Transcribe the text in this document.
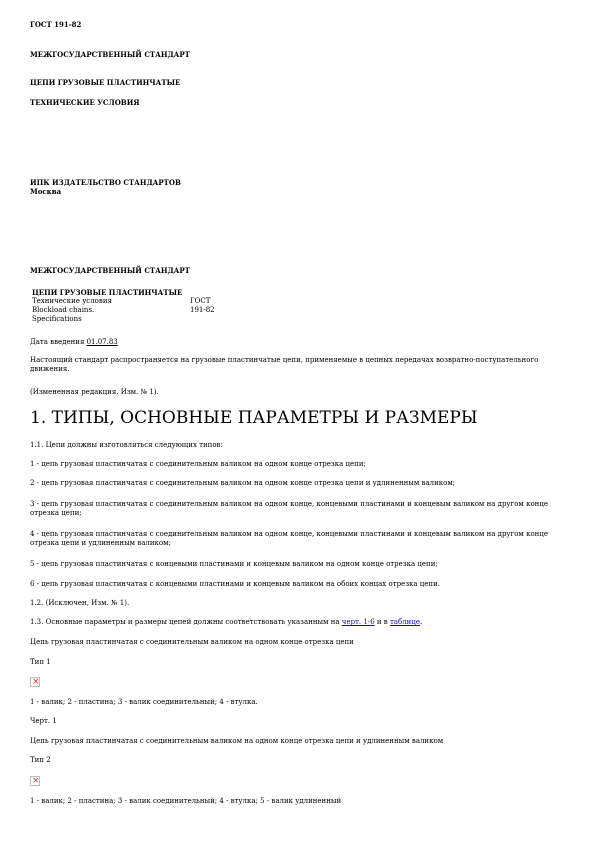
ГОСТ 191-82
МЕЖГОСУДАРСТВЕННЫЙ СТАНДАРТ
ЦЕПИ ГРУЗОВЫЕ ПЛАСТИНЧАТЫЕ
ТЕХНИЧЕСКИЕ УСЛОВИЯ
ИПК ИЗДАТЕЛЬСТВО СТАНДАРТОВ
Москва
МЕЖГОСУДАРСТВЕННЫЙ СТАНДАРТ
ЦЕПИ ГРУЗОВЫЕ ПЛАСТИНЧАТЫЕ
Технические условия	ГОСТ
Blockload chains.	191-82
Specifications
Дата введения 01.07.83
Настоящий стандарт распространяется на грузовые пластинчатые цепи, применяемые в цепных передачах возвратно-поступательного движения.
(Измененная редакция, Изм. № 1).
1. ТИПЫ, ОСНОВНЫЕ ПАРАМЕТРЫ И РАЗМЕРЫ
1.1. Цепи должны изготовляться следующих типов:
1 - цепь грузовая пластинчатая с соединительным валиком на одном конце отрезка цепи;
2 - цепь грузовая пластинчатая с соединительным валиком на одном конце отрезка цепи и удлиненным валиком;
3 - цепь грузовая пластинчатая с соединительным валиком на одном конце, концевыми пластинами и концевым валиком на другом конце отрезка цепи;
4 - цепь грузовая пластинчатая с соединительным валиком на одном конце, концевыми пластинами и концевым валиком на другом конце отрезка цепи и удлиненным валиком;
5 - цепь грузовая пластинчатая с концевыми пластинами и концевым валиком на одном конце отрезка цепи;
6 - цепь грузовая пластинчатая с концевыми пластинами и концевым валиком на обоих концах отрезка цепи.
1.2. (Исключен, Изм. № 1).
1.3. Основные параметры и размеры цепей должны соответствовать указанным на черт. 1-6 и в таблице.
Цепь грузовая пластинчатая с соединительным валиком на одном конце отрезка цепи
Тип 1
×
1 - валик; 2 - пластина; 3 - валик соединительный; 4 - втулка.
Черт. 1
Цепь грузовая пластинчатая с соединительным валиком на одном конце отрезка цепи и удлиненным валиком
Тип 2
×
1 - валик; 2 - пластина; 3 - валик соединительный; 4 - втулка; 5 - валик удлиненный
